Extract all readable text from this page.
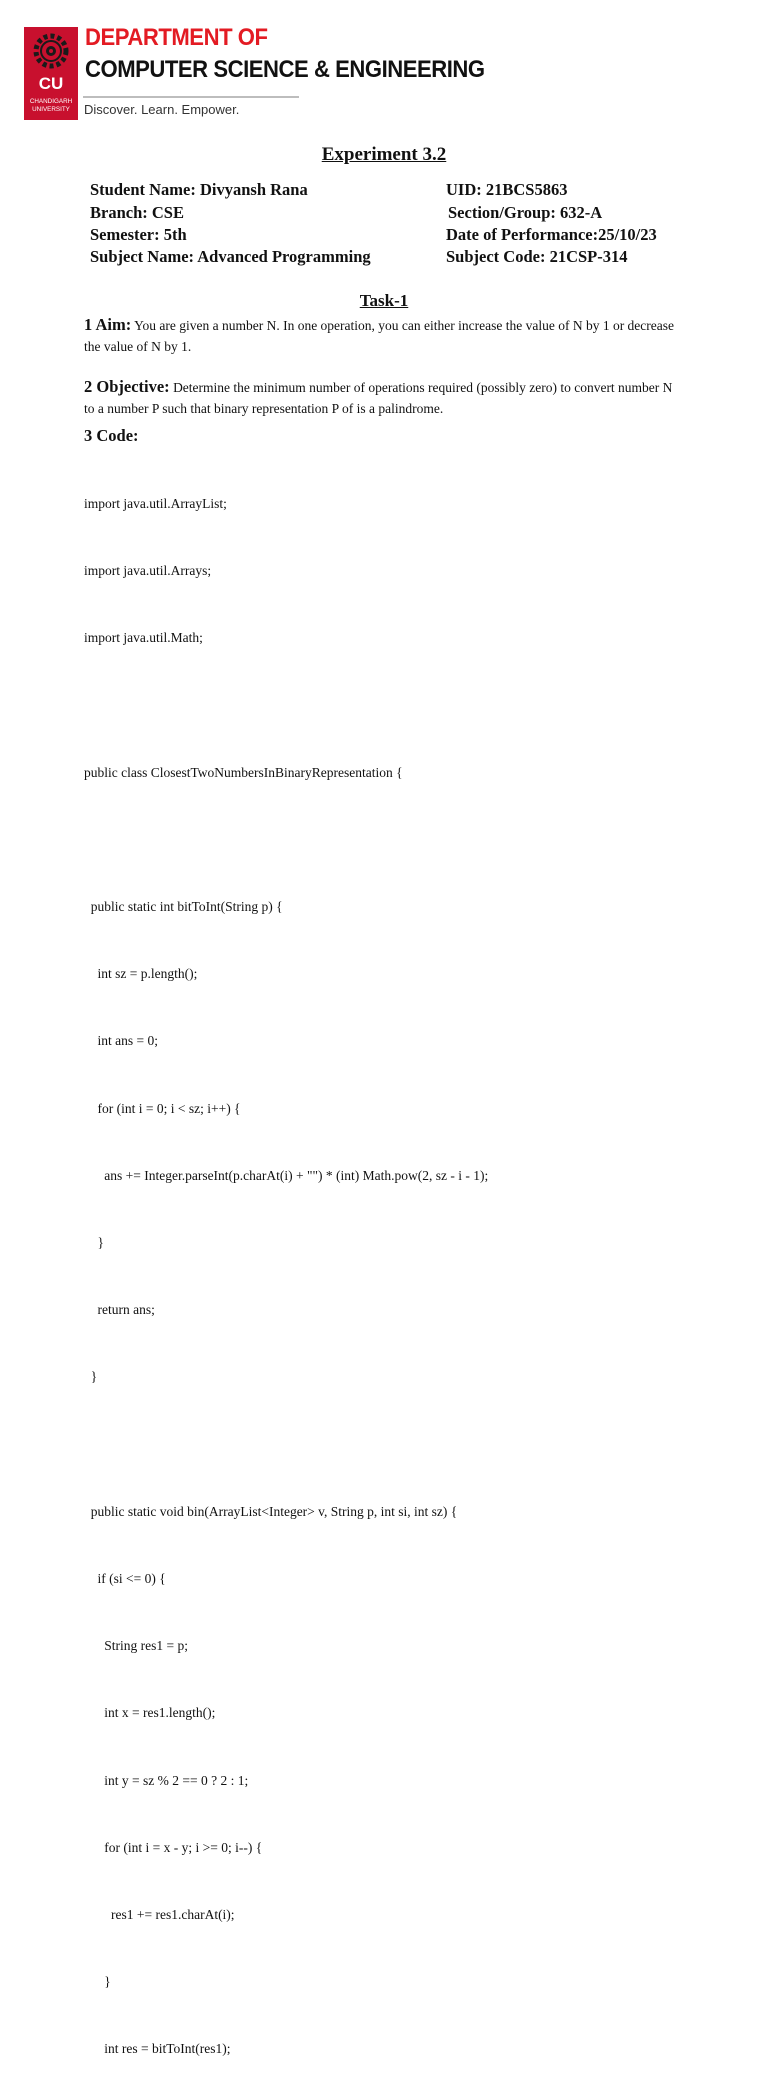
CU
CHANDIGARH UNIVERSITY
DEPARTMENT OF
COMPUTER SCIENCE & ENGINEERING
Discover. Learn. Empower.
Experiment 3.2
Student Name: Divyansh Rana	UID: 21BCS5863
Branch: CSE	Section/Group: 632-A
Semester: 5th	Date of Performance:25/10/23
Subject Name: Advanced Programming	Subject Code: 21CSP-314
Task-1
1 Aim: You are given a number N. In one operation, you can either increase the value of N by 1 or decrease the value of N by 1.
2 Objective: Determine the minimum number of operations required (possibly zero) to convert number N to a number P such that binary representation P of is a palindrome.
3 Code:

import java.util.ArrayList;

import java.util.Arrays;

import java.util.Math;

public class ClosestTwoNumbersInBinaryRepresentation {

public static int bitToInt(String p) {

int sz = p.length();

int ans = 0;

for (int i = 0; i < sz; i++) {

ans += Integer.parseInt(p.charAt(i) + "") * (int) Math.pow(2, sz - i - 1);

}

return ans;

}

public static void bin(ArrayList<Integer> v, String p, int si, int sz) {

if (si <= 0) {

String res1 = p;

int x = res1.length();

int y = sz % 2 == 0 ? 2 : 1;

for (int i = x - y; i >= 0; i--) {

res1 += res1.charAt(i);

}

int res = bitToInt(res1);
